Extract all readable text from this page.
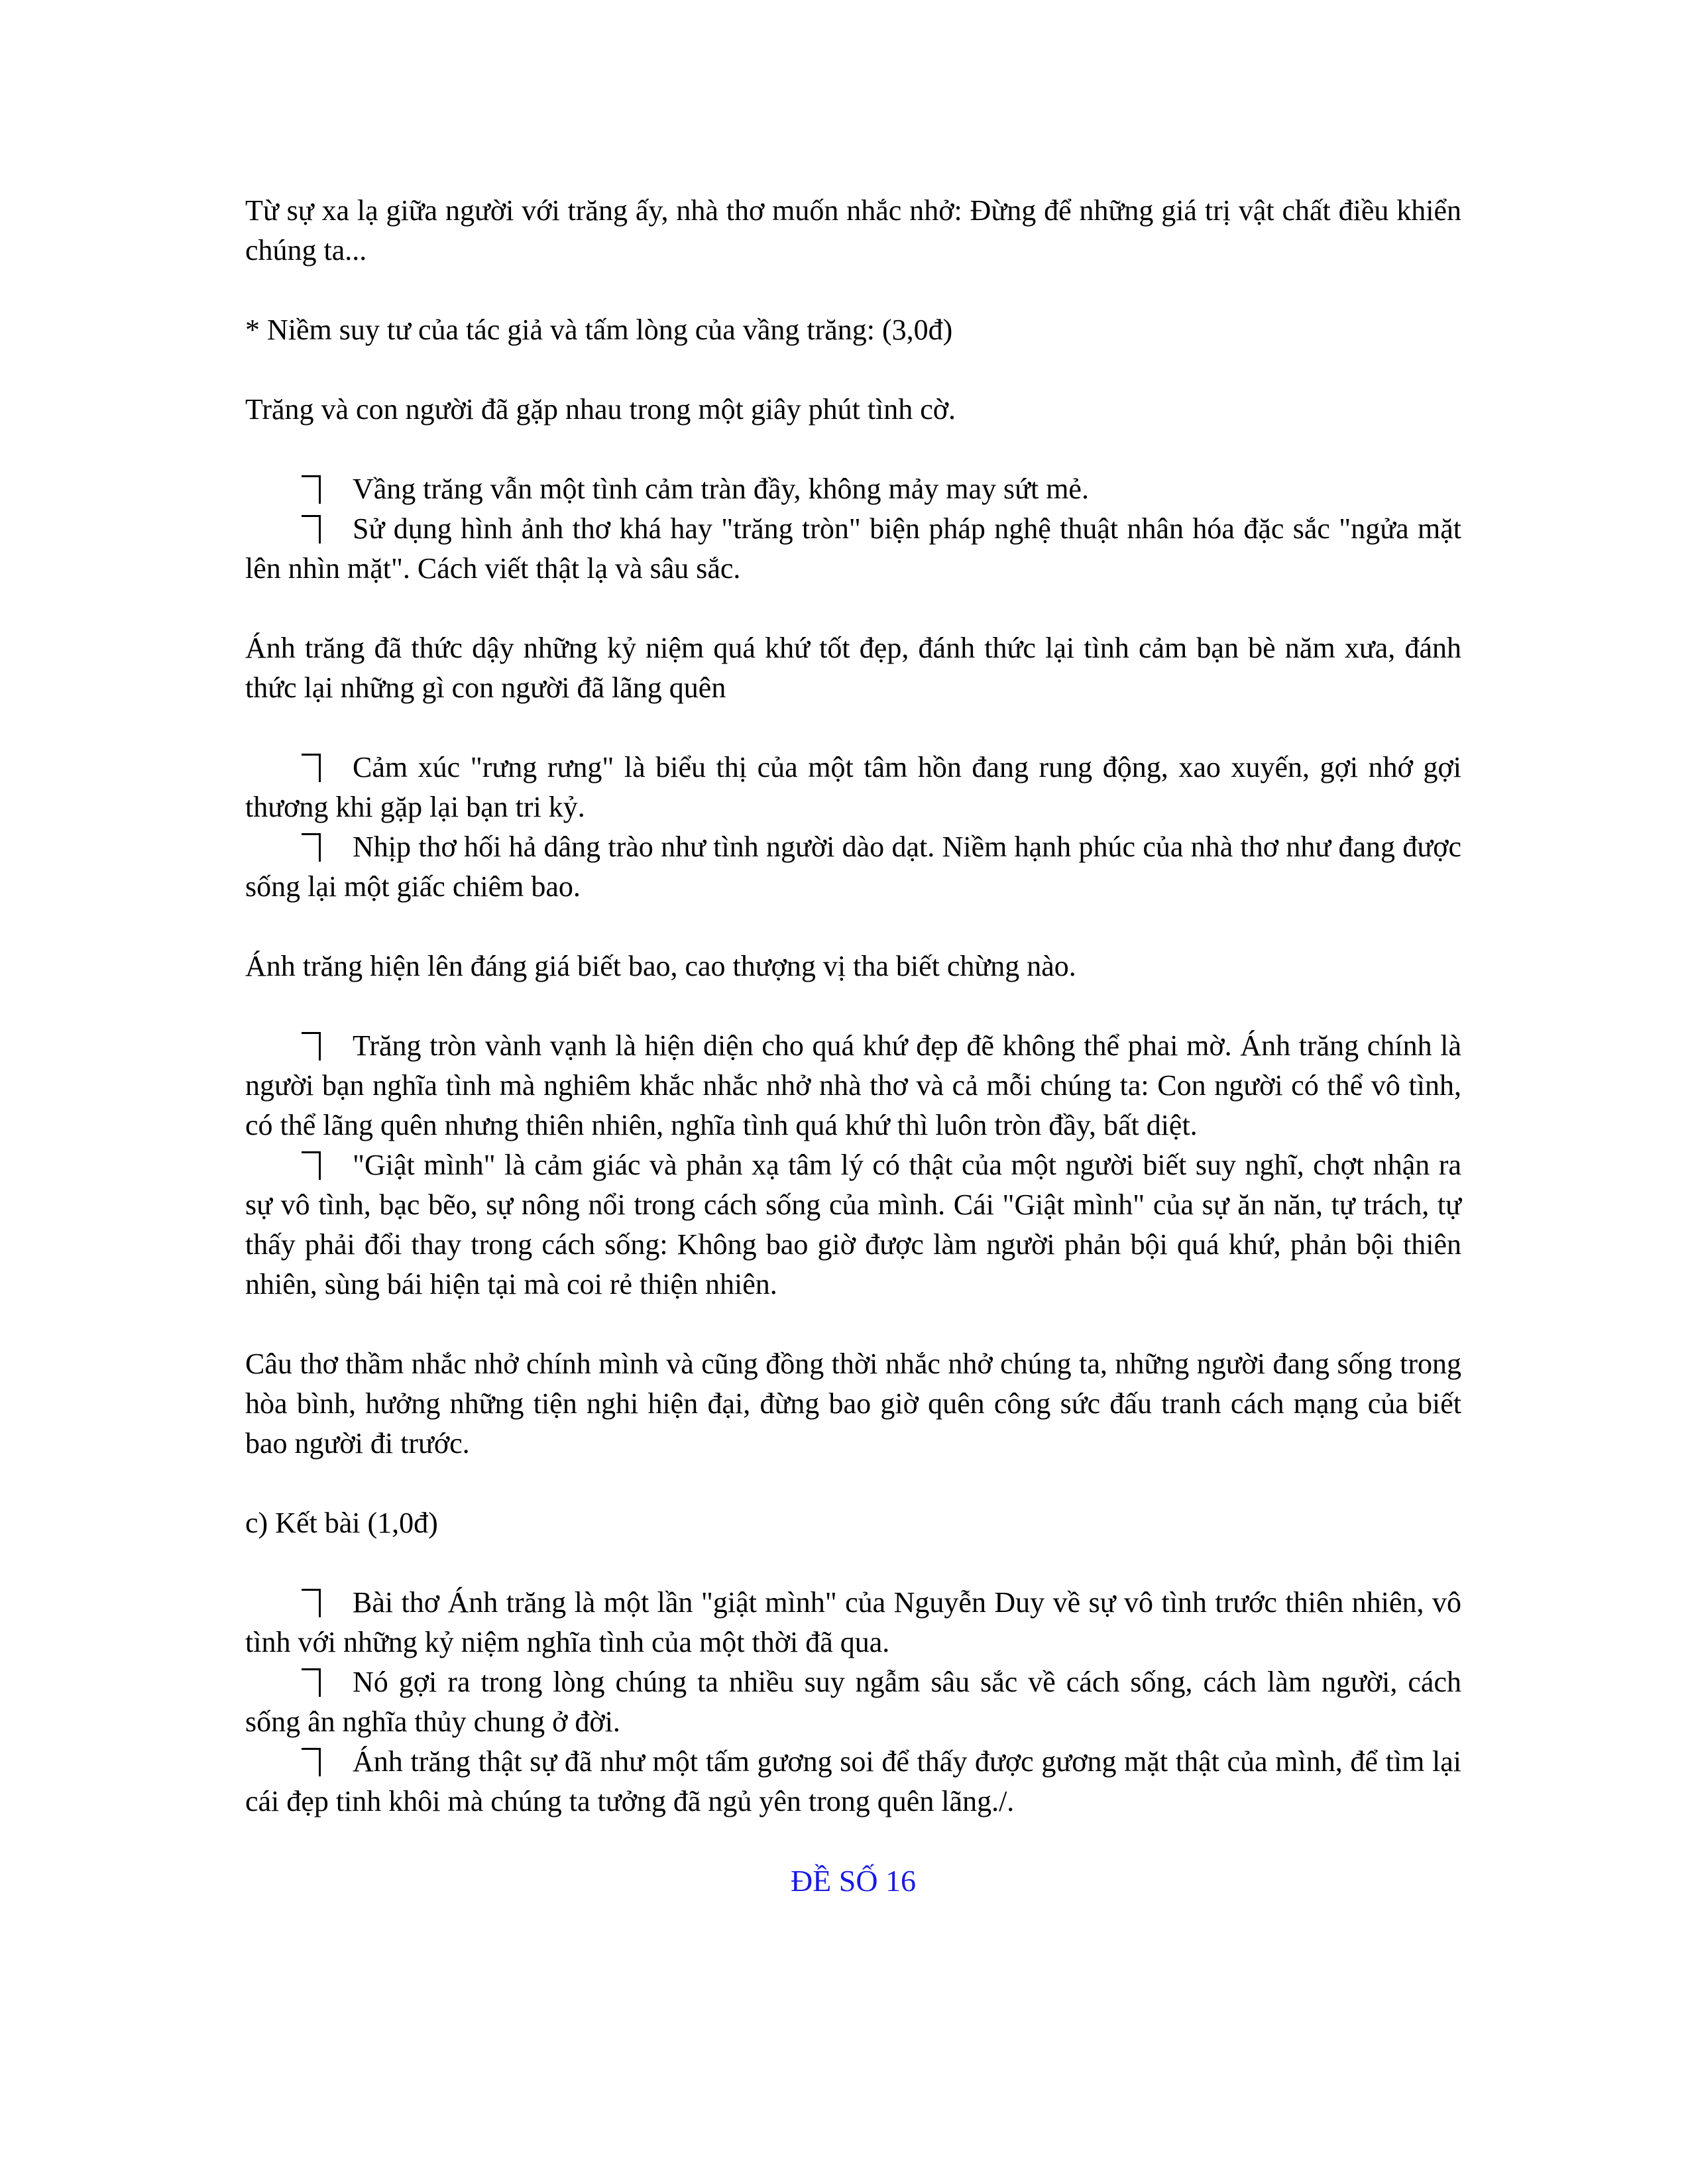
Từ sự xa lạ giữa người với trăng ấy, nhà thơ muốn nhắc nhở: Đừng để những giá trị vật chất điều khiển chúng ta...

* Niềm suy tư của tác giả và tấm lòng của vầng trăng: (3,0đ)

Trăng và con người đã gặp nhau trong một giây phút tình cờ.

Vầng trăng vẫn một tình cảm tràn đầy, không mảy may sứt mẻ.

Sử dụng hình ảnh thơ khá hay "trăng tròn" biện pháp nghệ thuật nhân hóa đặc sắc "ngửa mặt lên nhìn mặt". Cách viết thật lạ và sâu sắc.

Ánh trăng đã thức dậy những kỷ niệm quá khứ tốt đẹp, đánh thức lại tình cảm bạn bè năm xưa, đánh thức lại những gì con người đã lãng quên

Cảm xúc "rưng rưng" là biểu thị của một tâm hồn đang rung động, xao xuyến, gợi nhớ gợi thương khi gặp lại bạn tri kỷ.

Nhịp thơ hối hả dâng trào như tình người dào dạt. Niềm hạnh phúc của nhà thơ như đang được sống lại một giấc chiêm bao.

Ánh trăng hiện lên đáng giá biết bao, cao thượng vị tha biết chừng nào.

Trăng tròn vành vạnh là hiện diện cho quá khứ đẹp đẽ không thể phai mờ. Ánh trăng chính là người bạn nghĩa tình mà nghiêm khắc nhắc nhở nhà thơ và cả mỗi chúng ta: Con người có thể vô tình, có thể lãng quên nhưng thiên nhiên, nghĩa tình quá khứ thì luôn tròn đầy, bất diệt.

"Giật mình" là cảm giác và phản xạ tâm lý có thật của một người biết suy nghĩ, chợt nhận ra sự vô tình, bạc bẽo, sự nông nổi trong cách sống của mình. Cái "Giật mình" của sự ăn năn, tự trách, tự thấy phải đổi thay trong cách sống: Không bao giờ được làm người phản bội quá khứ, phản bội thiên nhiên, sùng bái hiện tại mà coi rẻ thiện nhiên.

Câu thơ thầm nhắc nhở chính mình và cũng đồng thời nhắc nhở chúng ta, những người đang sống trong hòa bình, hưởng những tiện nghi hiện đại, đừng bao giờ quên công sức đấu tranh cách mạng của biết bao người đi trước.

c) Kết bài (1,0đ)

Bài thơ Ánh trăng là một lần "giật mình" của Nguyễn Duy về sự vô tình trước thiên nhiên, vô tình với những kỷ niệm nghĩa tình của một thời đã qua.

Nó gợi ra trong lòng chúng ta nhiều suy ngẫm sâu sắc về cách sống, cách làm người, cách sống ân nghĩa thủy chung ở đời.

Ánh trăng thật sự đã như một tấm gương soi để thấy được gương mặt thật của mình, để tìm lại cái đẹp tinh khôi mà chúng ta tưởng đã ngủ yên trong quên lãng./.

ĐỀ SỐ 16
